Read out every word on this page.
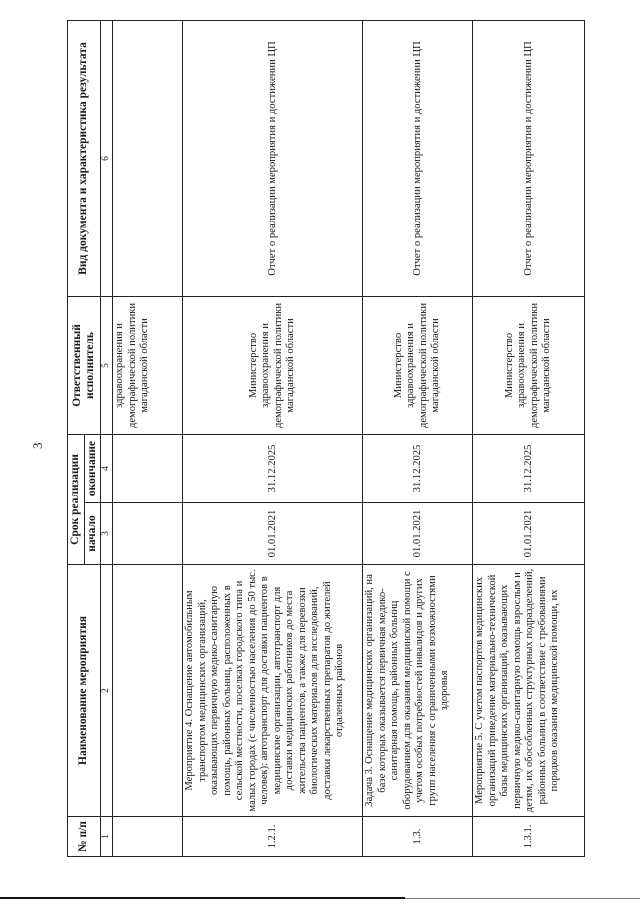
3
№ п/п	Наименование мероприятия	Срок реализации		Ответственный исполнитель	Вид документа и характеристика результата
		начало	окончание		
1	2	3	4	5	6
				здравоохранения и демографической политики магаданской области	
1.2.1.	Мероприятие 4. Оснащение автомобильным транспортом медицинских организаций, оказывающих первичную медико-санитарную помощь, районных больниц, расположенных в сельской местности, поселках городского типа и малых городах (с численностью населения до 50 тыс. человек): автотранспорт для доставки пациентов в медицинские организации, автотранспорт для доставки медицинских работников до места жительства пациентов, а также для перевозки биологических материалов для исследований, доставки лекарственных препаратов до жителей отдаленных районов	01.01.2021	31.12.2025	Министерство здравоохранения и демографической политики магаданской области	Отчет о реализации мероприятия и достижении ЦП
1.3.	Задача 3. Оснащение медицинских организаций, на базе которых оказывается первичная медико-санитарная помощь, районных больниц оборудованием для оказания медицинской помощи с учетом особых потребностей инвалидов и других групп населения с ограниченными возможностями здоровья	01.01.2021	31.12.2025	Министерство здравоохранения и демографической политики магаданской области	Отчет о реализации мероприятия и достижении ЦП
1.3.1.	Мероприятие 5. С учетом паспортов медицинских организаций приведение материально-технической базы медицинских организаций, оказывающих первичную медико-санитарную помощь взрослым и детям, их обособленных структурных подразделений, районных больниц в соответствие с требованиями порядков оказания медицинской помощи, их	01.01.2021	31.12.2025	Министерство здравоохранения и демографической политики магаданской области	Отчет о реализации мероприятия и достижении ЦП
